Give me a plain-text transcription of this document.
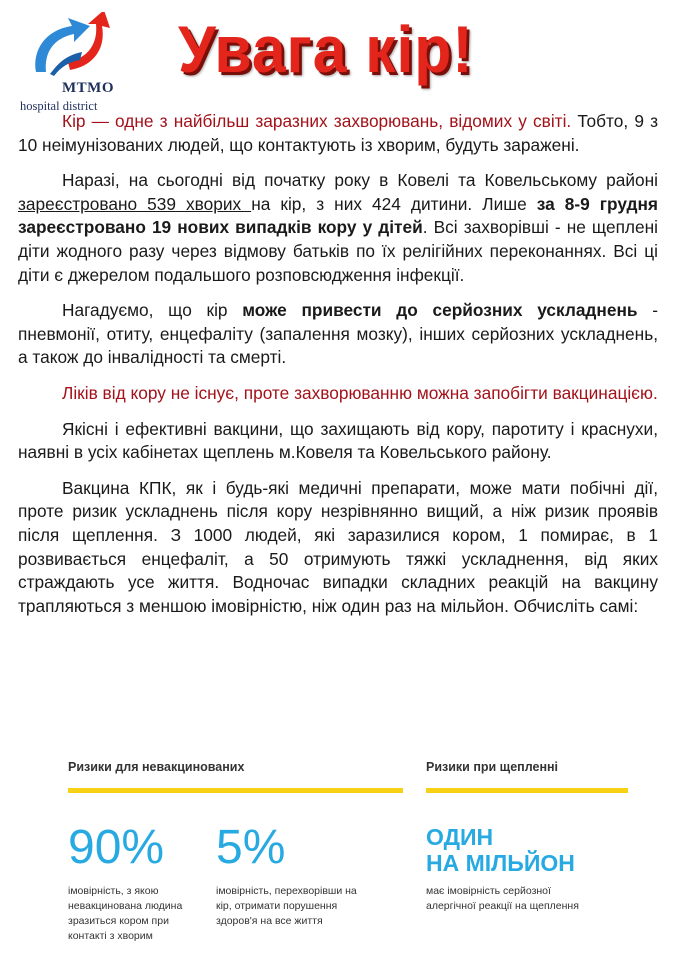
MTMO
hospital district
Увага кір!

Кір — одне з найбільш заразних захворювань, відомих у світі. Тобто, 9 з 10 неімунізованих людей, що контактують із хворим, будуть заражені.

Наразі, на сьогодні від початку року в Ковелі та Ковельському районі зареєстровано 539 хворих на кір, з них 424 дитини. Лише за 8-9 грудня зареєстровано 19 нових випадків кору у дітей. Всі захворівші - не щеплені діти жодного разу через відмову батьків по їх релігійних переконаннях. Всі ці діти є джерелом подальшого розповсюдження інфекції.

Нагадуємо, що кір може привести до серйозних ускладнень - пневмонії, отиту, енцефаліту (запалення мозку), інших серйозних ускладнень, а також до інвалідності та смерті.

Ліків від кору не існує, проте захворюванню можна запобігти вакцинацією.

Якісні і ефективні вакцини, що захищають від кору, паротиту і краснухи, наявні в усіх кабінетах щеплень м.Ковеля та Ковельського району.

Вакцина КПК, як і будь-які медичні препарати, може мати побічні дії, проте ризик ускладнень після кору незрівнянно вищий, а ніж ризик проявів після щеплення. З 1000 людей, які заразилися кором, 1 помирає, в 1 розвивається енцефаліт, а 50 отримують тяжкі ускладнення, від яких страждають усе життя. Водночас випадки складних реакцій на вакцину трапляються з меншою імовірністю, ніж один раз на мільйон. Обчисліть самі:

Ризики для невакцинованих	Ризики при щепленні
90%
імовірність, з якою невакцинована людина зразиться кором при контакті з хворим
5%
імовірність, перехворівши на кір, отримати порушення здоров'я на все життя
ОДИН
НА МІЛЬЙОН
має імовірність серйозної алергічної реакції на щеплення
